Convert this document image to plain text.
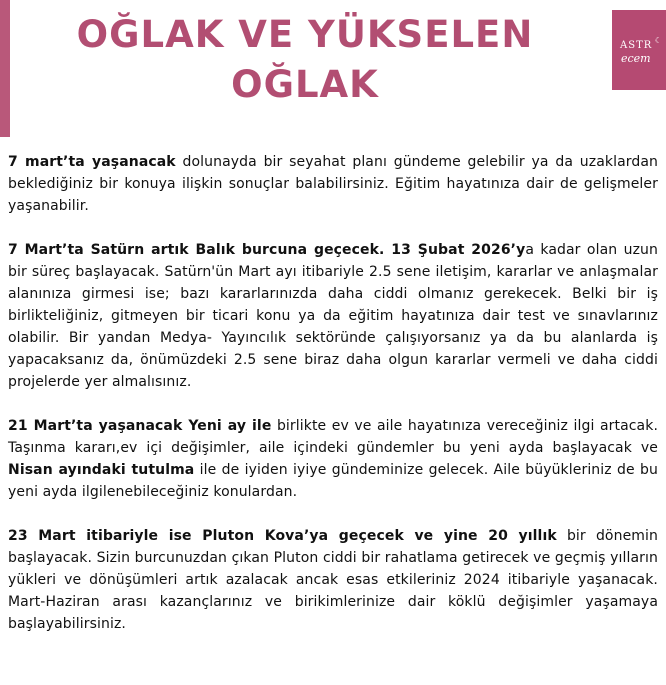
OĞLAK VE YÜKSELEN
OĞLAK
ASTR ☾
ecem

7 mart’ta yaşanacak dolunayda bir seyahat planı gündeme gelebilir ya da uzaklardan beklediğiniz bir konuya ilişkin sonuçlar balabilirsiniz. Eğitim hayatınıza dair de gelişmeler yaşanabilir.

7 Mart’ta Satürn artık Balık burcuna geçecek. 13 Şubat 2026’ya kadar olan uzun bir süreç başlayacak. Satürn'ün Mart ayı itibariyle 2.5 sene iletişim, kararlar ve anlaşmalar alanınıza girmesi ise; bazı kararlarınızda daha ciddi olmanız gerekecek. Belki bir iş birlikteliğiniz, gitmeyen bir ticari konu ya da eğitim hayatınıza dair test ve sınavlarınız olabilir. Bir yandan Medya- Yayıncılık sektöründe çalışıyorsanız ya da bu alanlarda iş yapacaksanız da, önümüzdeki 2.5 sene biraz daha olgun kararlar vermeli ve daha ciddi projelerde yer almalısınız.

21 Mart’ta yaşanacak Yeni ay ile birlikte ev ve aile hayatınıza vereceğiniz ilgi artacak. Taşınma kararı,ev içi değişimler, aile içindeki gündemler bu yeni ayda başlayacak ve Nisan ayındaki tutulma ile de iyiden iyiye gündeminize gelecek. Aile büyükleriniz de bu yeni ayda ilgilenebileceğiniz konulardan.

23 Mart itibariyle ise Pluton Kova’ya geçecek ve yine 20 yıllık bir dönemin başlayacak. Sizin burcunuzdan çıkan Pluton ciddi bir rahatlama getirecek ve geçmiş yılların yükleri ve dönüşümleri artık azalacak ancak esas etkileriniz 2024 itibariyle yaşanacak. Mart-Haziran arası kazançlarınız ve birikimlerinize dair köklü değişimler yaşamaya başlayabilirsiniz.
